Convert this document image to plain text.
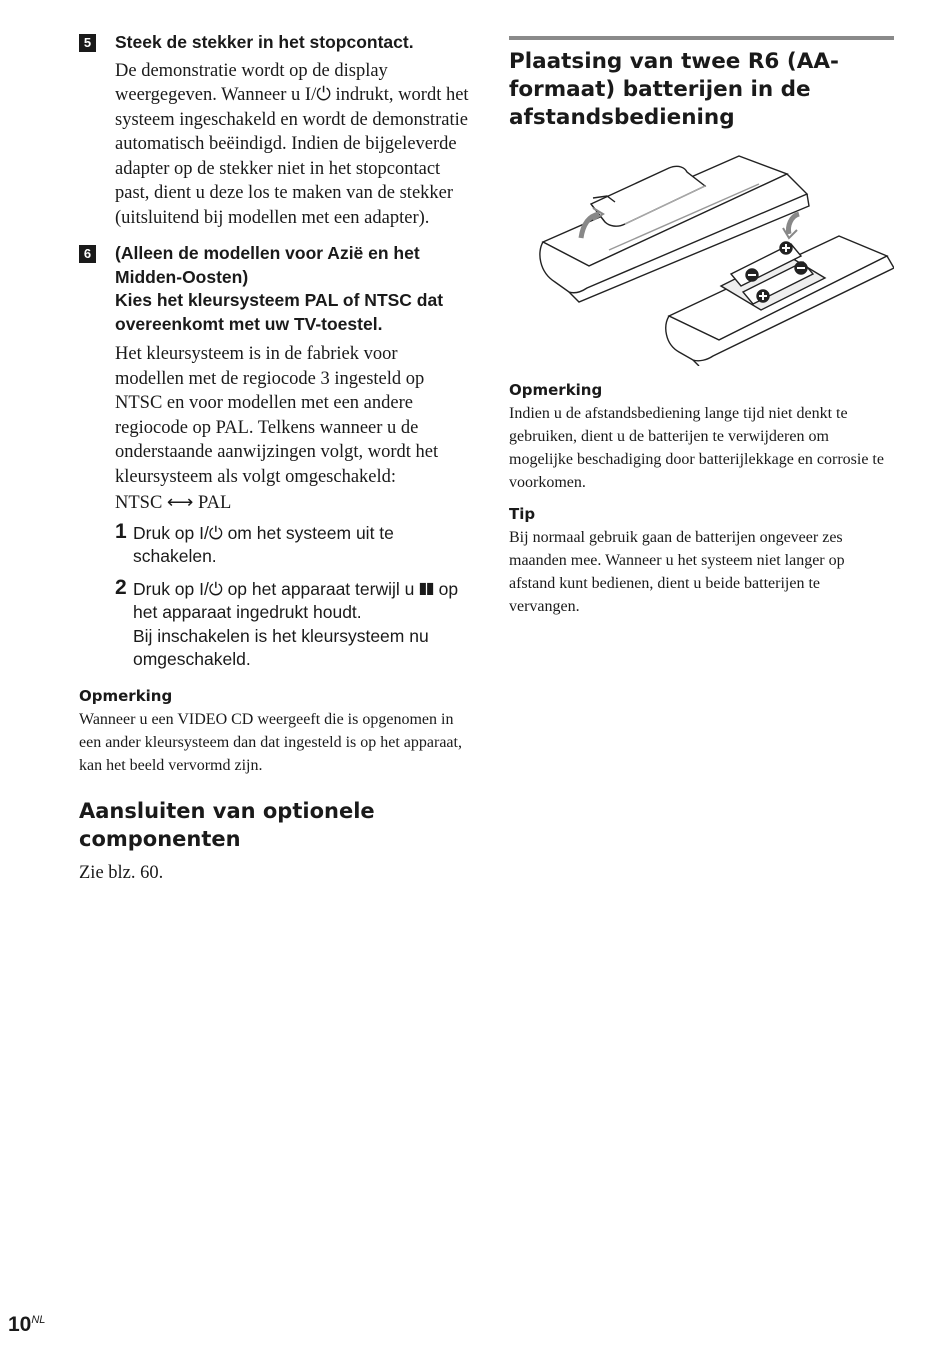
5 Steek de stekker in het stopcontact.

De demonstratie wordt op de display weergegeven. Wanneer u I/⏻ indrukt, wordt het systeem ingeschakeld en wordt de demonstratie automatisch beëindigd. Indien de bijgeleverde adapter op de stekker niet in het stopcontact past, dient u deze los te maken van de stekker (uitsluitend bij modellen met een adapter).

6 (Alleen de modellen voor Azië en het Midden-Oosten)

Kies het kleursysteem PAL of NTSC dat overeenkomt met uw TV-toestel.

Het kleursysteem is in de fabriek voor modellen met de regiocode 3 ingesteld op NTSC en voor modellen met een andere regiocode op PAL. Telkens wanneer u de onderstaande aanwijzingen volgt, wordt het kleursysteem als volgt omgeschakeld:

NTSC ⟷ PAL

1 Druk op I/⏻ om het systeem uit te schakelen.
2 Druk op I/⏻ op het apparaat terwijl u ❚❚ op het apparaat ingedrukt houdt.
Bij inschakelen is het kleursysteem nu omgeschakeld.

Opmerking

Wanneer u een VIDEO CD weergeeft die is opgenomen in een ander kleursysteem dan dat ingesteld is op het apparaat, kan het beeld vervormd zijn.

Aansluiten van optionele componenten

Zie blz. 60.

Plaatsing van twee R6 (AA-formaat) batterijen in de afstandsbediening

Opmerking

Indien u de afstandsbediening lange tijd niet denkt te gebruiken, dient u de batterijen te verwijderen om mogelijke beschadiging door batterijlekkage en corrosie te voorkomen.

Tip

Bij normaal gebruik gaan de batterijen ongeveer zes maanden mee. Wanneer u het systeem niet langer op afstand kunt bedienen, dient u beide batterijen te vervangen.

$10^{NL}$
